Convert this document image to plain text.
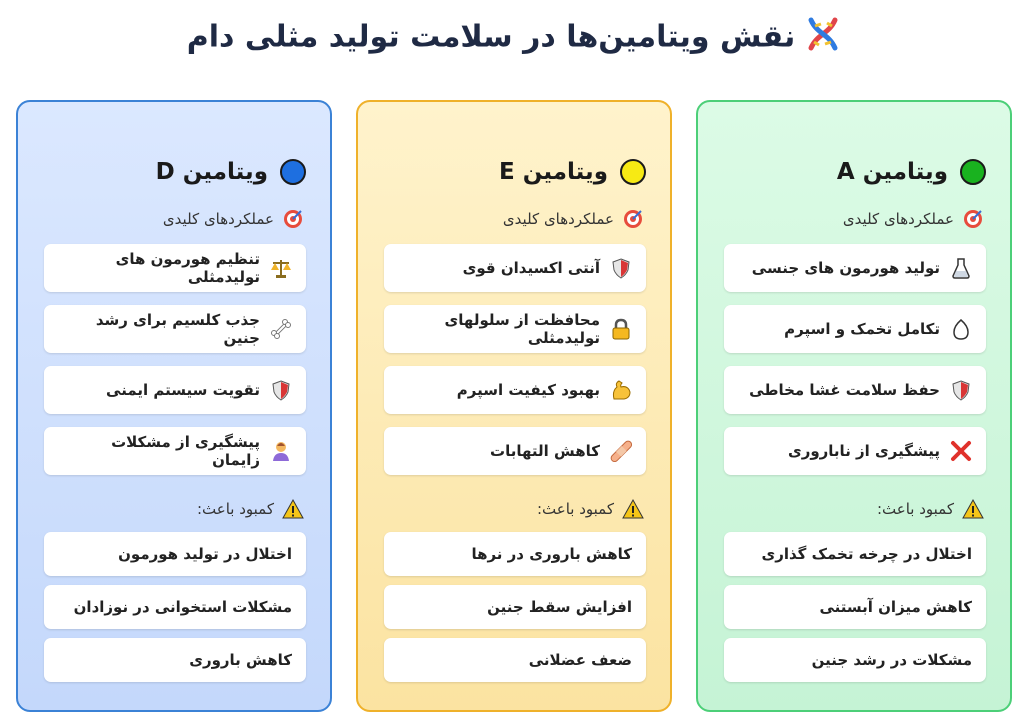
نقش ویتامین‌ها در سلامت تولید مثلی دام
ویتامین D
عملکردهای کلیدی
تنظیم هورمون های تولیدمثلی
جذب کلسیم برای رشد جنین
تقویت سیستم ایمنی
پیشگیری از مشکلات زایمان
کمبود باعث:
اختلال در تولید هورمون
مشکلات استخوانی در نوزادان
کاهش باروری
ویتامین E
عملکردهای کلیدی
آنتی اکسیدان قوی
محافظت از سلولهای تولیدمثلی
بهبود کیفیت اسپرم
کاهش التهابات
کمبود باعث:
کاهش باروری در نرها
افزایش سقط جنین
ضعف عضلانی
ویتامین A
عملکردهای کلیدی
تولید هورمون های جنسی
تکامل تخمک و اسپرم
حفظ سلامت غشا مخاطی
پیشگیری از ناباروری
کمبود باعث:
اختلال در چرخه تخمک گذاری
کاهش میزان آبستنی
مشکلات در رشد جنین
